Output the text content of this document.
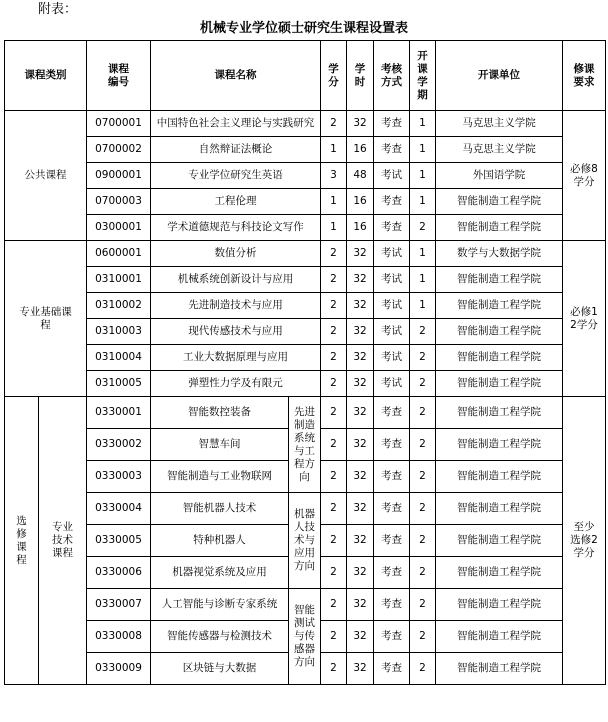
附表：
机械专业学位硕士研究生课程设置表
课程类别		课程编号	课程名称		学分	学时	考核方式	开课学期	开课单位	修课要求
公共课程		0700001	中国特色社会主义理论与实践研究		2	32	考查	1	马克思主义学院	必修8学分
		0700002	自然辩证法概论		1	16	考查	1	马克思主义学院	
		0900001	专业学位研究生英语		3	48	考试	1	外国语学院	
		0700003	工程伦理		1	16	考查	1	智能制造工程学院	
		0300001	学术道德规范与科技论文写作		1	16	考查	2	智能制造工程学院	
专业基础课程		0600001	数值分析		2	32	考试	1	数学与大数据学院	必修12学分
		0310001	机械系统创新设计与应用		2	32	考试	1	智能制造工程学院	
		0310002	先进制造技术与应用		2	32	考试	1	智能制造工程学院	
		0310003	现代传感技术与应用		2	32	考试	2	智能制造工程学院	
		0310004	工业大数据原理与应用		2	32	考试	2	智能制造工程学院	
		0310005	弹塑性力学及有限元		2	32	考试	2	智能制造工程学院	
选修课程	专业技术课程	0330001	智能数控装备	先进制造系统与工程方向	2	32	考查	2	智能制造工程学院	至少选修2学分
		0330002	智慧车间		2	32	考查	2	智能制造工程学院	
		0330003	智能制造与工业物联网		2	32	考查	2	智能制造工程学院	
		0330004	智能机器人技术	机器人技术与应用方向	2	32	考查	2	智能制造工程学院	
		0330005	特种机器人		2	32	考查	2	智能制造工程学院	
		0330006	机器视觉系统及应用		2	32	考查	2	智能制造工程学院	
		0330007	人工智能与诊断专家系统	智能测试与传感器方向	2	32	考查	2	智能制造工程学院	
		0330008	智能传感器与检测技术		2	32	考查	2	智能制造工程学院	
		0330009	区块链与大数据		2	32	考查	2	智能制造工程学院	
